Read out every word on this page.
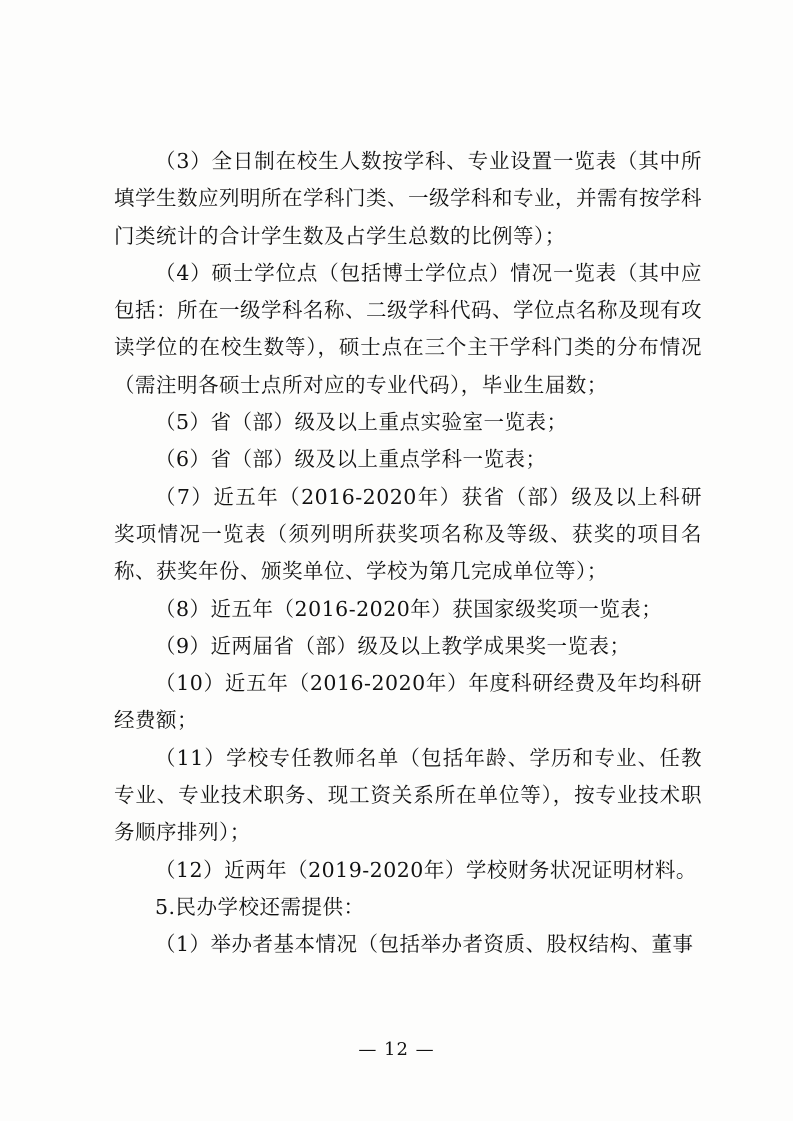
（3）全日制在校生人数按学科、专业设置一览表（其中所填学生数应列明所在学科门类、一级学科和专业，并需有按学科门类统计的合计学生数及占学生总数的比例等）；

（4）硕士学位点（包括博士学位点）情况一览表（其中应包括：所在一级学科名称、二级学科代码、学位点名称及现有攻读学位的在校生数等），硕士点在三个主干学科门类的分布情况（需注明各硕士点所对应的专业代码），毕业生届数；

（5）省（部）级及以上重点实验室一览表；

（6）省（部）级及以上重点学科一览表；

（7）近五年（2016-2020年）获省（部）级及以上科研奖项情况一览表（须列明所获奖项名称及等级、获奖的项目名称、获奖年份、颁奖单位、学校为第几完成单位等）；

（8）近五年（2016-2020年）获国家级奖项一览表；

（9）近两届省（部）级及以上教学成果奖一览表；

（10）近五年（2016-2020年）年度科研经费及年均科研经费额；

（11）学校专任教师名单（包括年龄、学历和专业、任教专业、专业技术职务、现工资关系所在单位等），按专业技术职务顺序排列）；

（12）近两年（2019-2020年）学校财务状况证明材料。

5.民办学校还需提供：

（1）举办者基本情况（包括举办者资质、股权结构、董事

— 12 —
